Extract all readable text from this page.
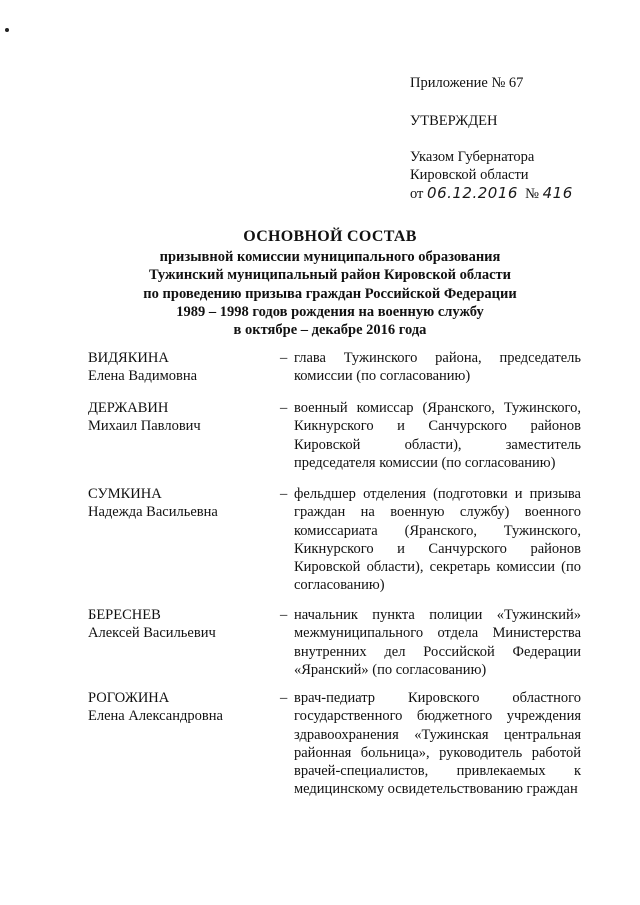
Приложение № 67
УТВЕРЖДЕН
Указом Губернатора
Кировской области
от 06.12.2016 № 416
ОСНОВНОЙ СОСТАВ
призывной комиссии муниципального образования
Тужинский муниципальный район Кировской области
по проведению призыва граждан Российской Федерации
1989 – 1998 годов рождения на военную службу
в октябре – декабре 2016 года
ВИДЯКИНА
Елена Вадимовна
– глава Тужинского района, председатель комиссии (по согласованию)
ДЕРЖАВИН
Михаил Павлович
– военный комиссар (Яранского, Тужинского, Кикнурского и Санчурского районов Кировской области), заместитель председателя комиссии (по согласованию)
СУМКИНА
Надежда Васильевна
– фельдшер отделения (подготовки и призыва граждан на военную службу) военного комиссариата (Яранского, Тужинского, Кикнурского и Санчурского районов Кировской области), секретарь комиссии (по согласованию)
БЕРЕСНЕВ
Алексей Васильевич
– начальник пункта полиции «Тужинский» межмуниципального отдела Министерства внутренних дел Российской Федерации «Яранский» (по согласованию)
РОГОЖИНА
Елена Александровна
– врач-педиатр Кировского областного государственного бюджетного учреждения здравоохранения «Тужинская центральная районная больница», руководитель работой врачей-специалистов, привлекаемых к медицинскому освидетельствованию граждан
